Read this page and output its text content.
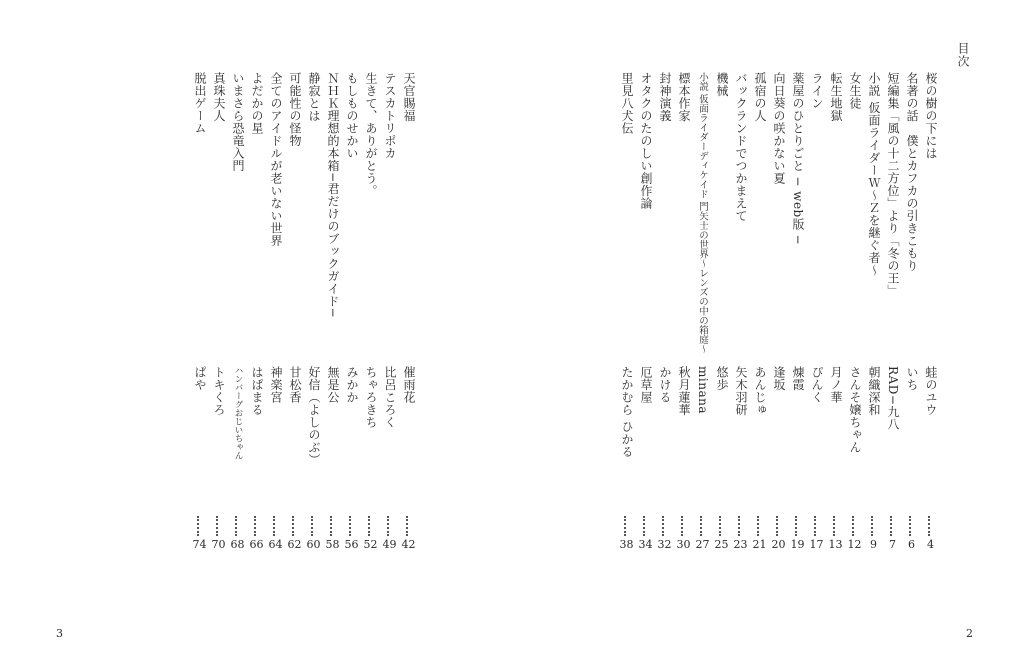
目次
桜の樹の下には
蛙のユウ
4
名著の話　僕とカフカの引きこもり
いち
6
短編集「風の十二方位」より「冬の王」
RAD−九八
7
小説 仮面ライダーＷ〜Ｚを継ぐ者〜
朝織深和
9
女生徒
さんそ嬢ちゃん
12
転生地獄
月ノ華
13
ライン
ぴんく
17
薬屋のひとりごと − web版 −
煉霞
19
向日葵の咲かない夏
逢坂
20
孤宿の人
あんじゅ
21
バックランドでつかまえて
矢木羽研
23
機械
悠歩
25
小説 仮面ライダーディケイド 門矢士の世界〜レンズの中の箱庭〜
minana
27
標本作家
秋月蓮華
30
封神演義
かける
32
オタクのたのしい創作論
厄草屋
34
里見八犬伝
たかむら ひかる
38
天官賜福
催雨花
42
テスカトリポカ
比呂ころく
49
生きて、ありがとう。
ちゃろきち
52
もしものせかい
みかか
56
ＮＨＫ理想的本箱−君だけのブックガイド−
無是公
58
静寂とは
好信（よしのぶ）
60
可能性の怪物
甘松香
62
全てのアイドルが老いない世界
神楽宮
64
よだかの星
はぱまる
66
いまさら恐竜入門
ハンバーグおじいちゃん
68
真珠夫人
トキくろ
70
脱出ゲーム
ぱや
74
2
3
